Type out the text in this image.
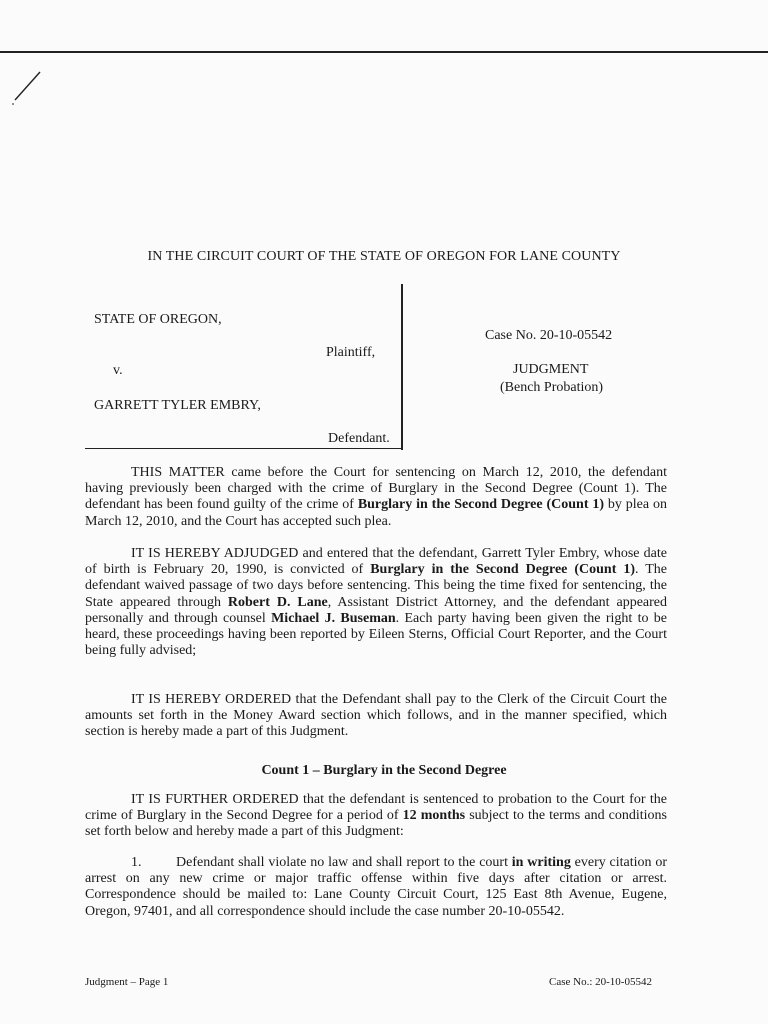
IN THE CIRCUIT COURT OF THE STATE OF OREGON FOR LANE COUNTY
STATE OF OREGON,
Plaintiff,
v.
GARRETT TYLER EMBRY,
Defendant.
Case No. 20-10-05542
JUDGMENT
(Bench Probation)

THIS MATTER came before the Court for sentencing on March 12, 2010, the defendant having previously been charged with the crime of Burglary in the Second Degree (Count 1). The defendant has been found guilty of the crime of Burglary in the Second Degree (Count 1) by plea on March 12, 2010, and the Court has accepted such plea.

IT IS HEREBY ADJUDGED and entered that the defendant, Garrett Tyler Embry, whose date of birth is February 20, 1990, is convicted of Burglary in the Second Degree (Count 1). The defendant waived passage of two days before sentencing. This being the time fixed for sentencing, the State appeared through Robert D. Lane, Assistant District Attorney, and the defendant appeared personally and through counsel Michael J. Buseman. Each party having been given the right to be heard, these proceedings having been reported by Eileen Sterns, Official Court Reporter, and the Court being fully advised;

IT IS HEREBY ORDERED that the Defendant shall pay to the Clerk of the Circuit Court the amounts set forth in the Money Award section which follows, and in the manner specified, which section is hereby made a part of this Judgment.

Count 1 – Burglary in the Second Degree

IT IS FURTHER ORDERED that the defendant is sentenced to probation to the Court for the crime of Burglary in the Second Degree for a period of 12 months subject to the terms and conditions set forth below and hereby made a part of this Judgment:

1. Defendant shall violate no law and shall report to the court in writing every citation or arrest on any new crime or major traffic offense within five days after citation or arrest. Correspondence should be mailed to: Lane County Circuit Court, 125 East 8th Avenue, Eugene, Oregon, 97401, and all correspondence should include the case number 20-10-05542.

Judgment – Page 1	Case No.: 20-10-05542
